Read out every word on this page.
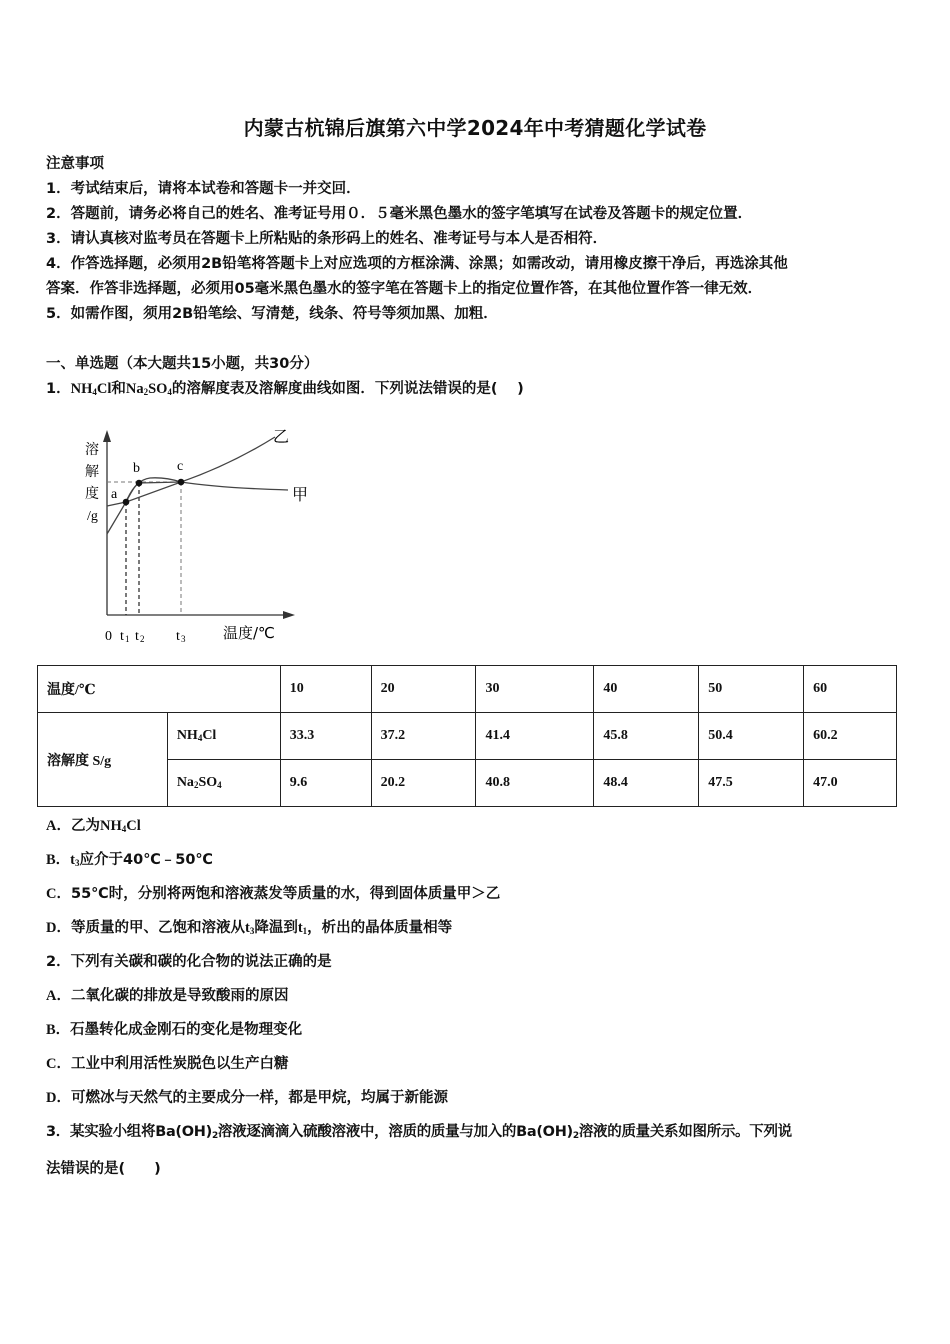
内蒙古杭锦后旗第六中学2024年中考猜题化学试卷
注意事项
1．考试结束后，请将本试卷和答题卡一并交回．
2．答题前，请务必将自己的姓名、准考证号用０．５毫米黑色墨水的签字笔填写在试卷及答题卡的规定位置．
3．请认真核对监考员在答题卡上所粘贴的条形码上的姓名、准考证号与本人是否相符．
4．作答选择题，必须用2B铅笔将答题卡上对应选项的方框涂满、涂黑；如需改动，请用橡皮擦干净后，再选涂其他
答案．作答非选择题，必须用05毫米黑色墨水的签字笔在答题卡上的指定位置作答，在其他位置作答一律无效．
5．如需作图，须用2B铅笔绘、写清楚，线条、符号等须加黑、加粗．
一、单选题（本大题共15小题，共30分）
1．$NH_4Cl$和$Na_2SO_4$的溶解度表及溶解度曲线如图．下列说法错误的是(　 )
a
b	c
乙
甲
溶
解
度
/g
0 t 1 t 2 t 3	温度/℃
温度/℃		10	20	30	40	50	60
溶解度 S/g	$NH_4Cl$	33.3	37.2	41.4	45.8	50.4	60.2
	$Na_2SO_4$	9.6	20.2	40.8	48.4	47.5	47.0
A．乙为$NH_4Cl$
B．$t_3$应介于40℃﹣50℃
C．55℃时，分别将两饱和溶液蒸发等质量的水，得到固体质量甲＞乙
D．等质量的甲、乙饱和溶液从$t_3$降温到$t_1$，析出的晶体质量相等
2．下列有关碳和碳的化合物的说法正确的是
A．二氧化碳的排放是导致酸雨的原因
B．石墨转化成金刚石的变化是物理变化
C．工业中利用活性炭脱色以生产白糖
D．可燃冰与天然气的主要成分一样，都是甲烷，均属于新能源
3．某实验小组将$Ba(OH)_2$溶液逐滴滴入硫酸溶液中，溶质的质量与加入的$Ba(OH)_2$溶液的质量关系如图所示。下列说
法错误的是(　　)
